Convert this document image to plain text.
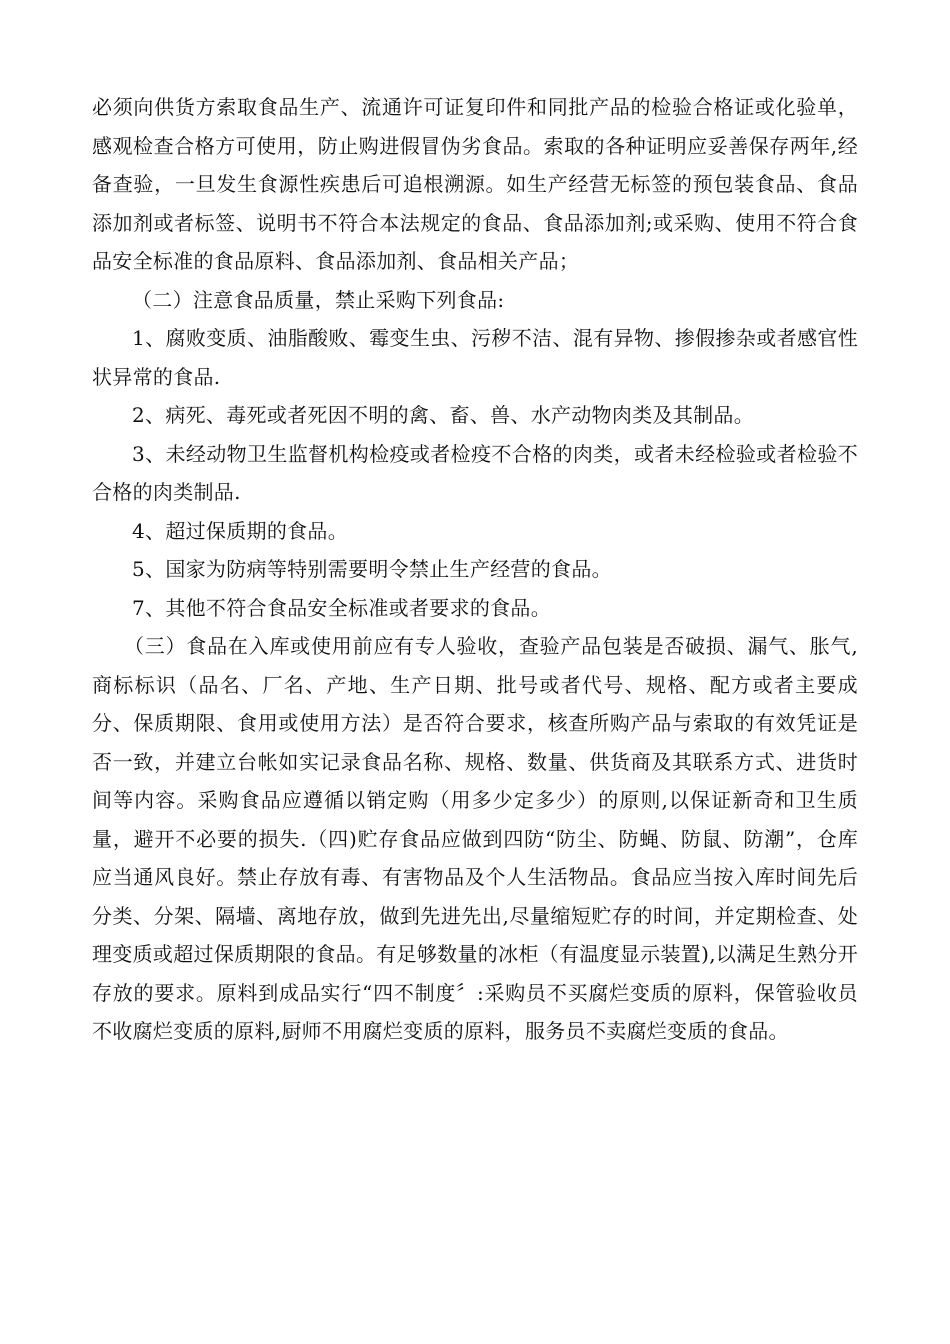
必须向供货方索取食品生产、流通许可证复印件和同批产品的检验合格证或化验单，感观检查合格方可使用，防止购进假冒伪劣食品。索取的各种证明应妥善保存两年,经备查验，一旦发生食源性疾患后可追根溯源。如生产经营无标签的预包装食品、食品添加剂或者标签、说明书不符合本法规定的食品、食品添加剂;或采购、使用不符合食品安全标准的食品原料、食品添加剂、食品相关产品；

（二）注意食品质量，禁止采购下列食品:

1、腐败变质、油脂酸败、霉变生虫、污秽不洁、混有异物、掺假掺杂或者感官性状异常的食品.

2、病死、毒死或者死因不明的禽、畜、兽、水产动物肉类及其制品。

3、未经动物卫生监督机构检疫或者检疫不合格的肉类，或者未经检验或者检验不合格的肉类制品.

4、超过保质期的食品。

5、国家为防病等特别需要明令禁止生产经营的食品。

7、其他不符合食品安全标准或者要求的食品。

（三）食品在入库或使用前应有专人验收，查验产品包装是否破损、漏气、胀气,商标标识（品名、厂名、产地、生产日期、批号或者代号、规格、配方或者主要成分、保质期限、食用或使用方法）是否符合要求，核查所购产品与索取的有效凭证是否一致，并建立台帐如实记录食品名称、规格、数量、供货商及其联系方式、进货时间等内容。采购食品应遵循以销定购（用多少定多少）的原则,以保证新奇和卫生质量，避开不必要的损失.（四)贮存食品应做到四防“防尘、防蝇、防鼠、防潮”，仓库应当通风良好。禁止存放有毒、有害物品及个人生活物品。食品应当按入库时间先后分类、分架、隔墙、离地存放，做到先进先出,尽量缩短贮存的时间，并定期检查、处理变质或超过保质期限的食品。有足够数量的冰柜（有温度显示装置),以满足生熟分开存放的要求。原料到成品实行“四不制度〞:采购员不买腐烂变质的原料，保管验收员不收腐烂变质的原料,厨师不用腐烂变质的原料，服务员不卖腐烂变质的食品。
